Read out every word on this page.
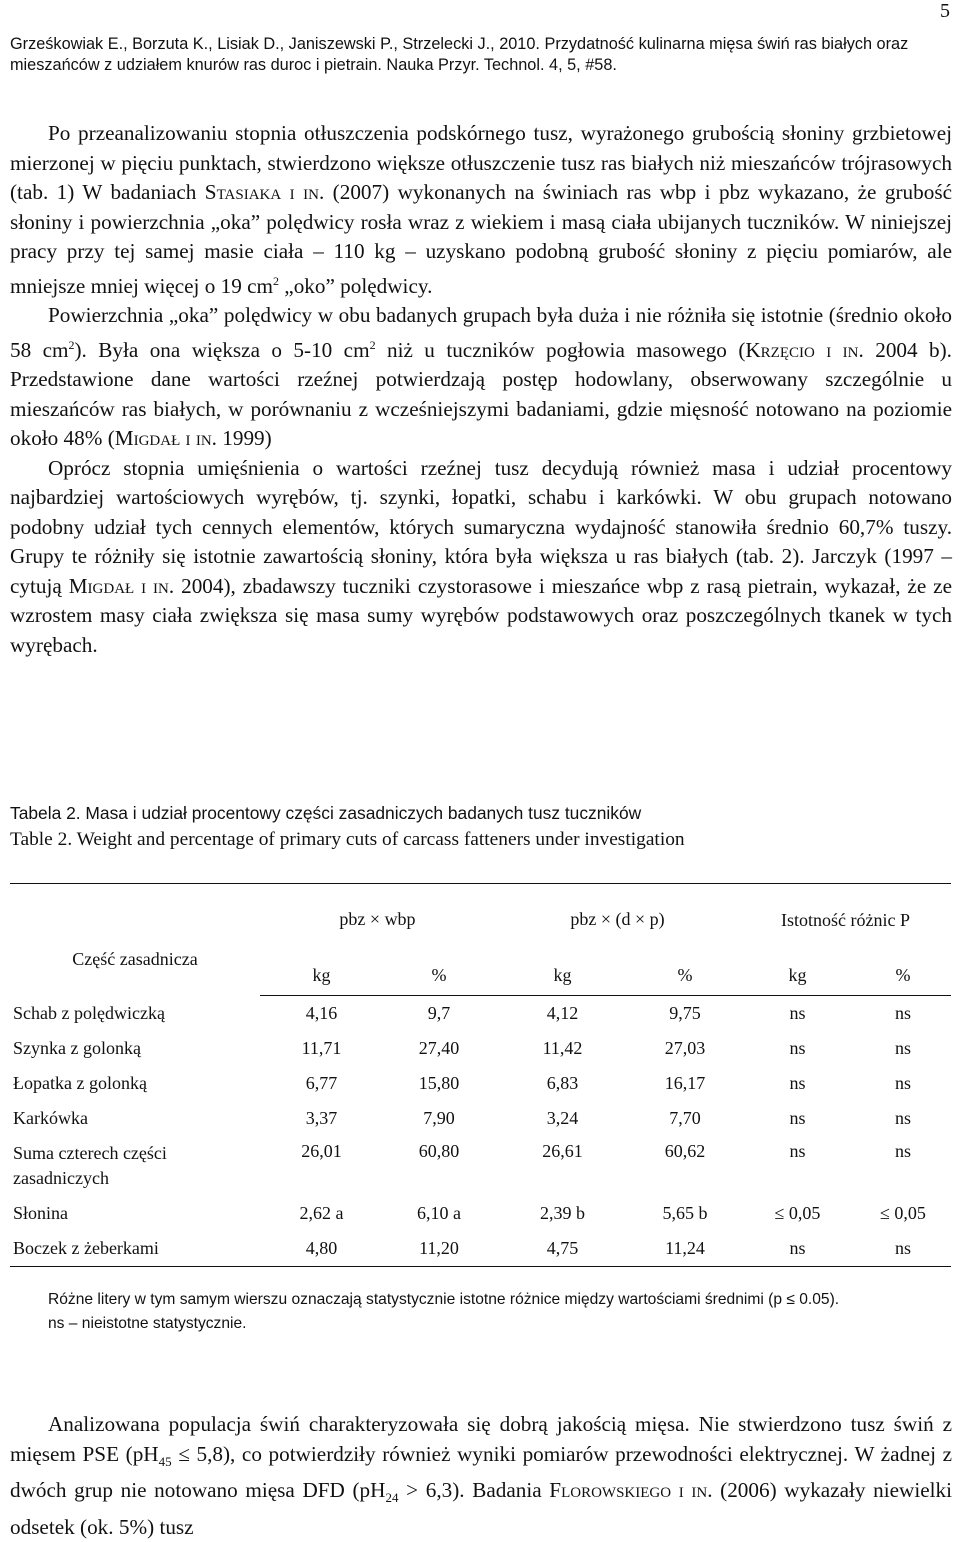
5
Grześkowiak E., Borzuta K., Lisiak D., Janiszewski P., Strzelecki J., 2010. Przydatność kulinarna mięsa świń ras białych oraz mieszańców z udziałem knurów ras duroc i pietrain. Nauka Przyr. Technol. 4, 5, #58.

Po przeanalizowaniu stopnia otłuszczenia podskórnego tusz, wyrażonego grubością słoniny grzbietowej mierzonej w pięciu punktach, stwierdzono większe otłuszczenie tusz ras białych niż mieszańców trójrasowych (tab. 1) W badaniach Stasiaka i in. (2007) wykonanych na świniach ras wbp i pbz wykazano, że grubość słoniny i powierzchnia „oka” polędwicy rosła wraz z wiekiem i masą ciała ubijanych tuczników. W niniejszej pracy przy tej samej masie ciała – 110 kg – uzyskano podobną grubość słoniny z pięciu pomiarów, ale mniejsze mniej więcej o 19 $cm^2$ „oko” polędwicy.

Powierzchnia „oka” polędwicy w obu badanych grupach była duża i nie różniła się istotnie (średnio około 58 $cm^2$). Była ona większa o 5-10 $cm^2$ niż u tuczników pogłowia masowego (Krzęcio i in. 2004 b). Przedstawione dane wartości rzeźnej potwierdzają postęp hodowlany, obserwowany szczególnie u mieszańców ras białych, w porównaniu z wcześniejszymi badaniami, gdzie mięsność notowano na poziomie około 48% (Migdał i in. 1999)

Oprócz stopnia umięśnienia o wartości rzeźnej tusz decydują również masa i udział procentowy najbardziej wartościowych wyrębów, tj. szynki, łopatki, schabu i karkówki. W obu grupach notowano podobny udział tych cennych elementów, których sumaryczna wydajność stanowiła średnio 60,7% tuszy. Grupy te różniły się istotnie zawartością słoniny, która była większa u ras białych (tab. 2). Jarczyk (1997 – cytują Migdał i in. 2004), zbadawszy tuczniki czystorasowe i mieszańce wbp z rasą pietrain, wykazał, że ze wzrostem masy ciała zwiększa się masa sumy wyrębów podstawowych oraz poszczególnych tkanek w tych wyrębach.

Tabela 2. Masa i udział procentowy części zasadniczych badanych tusz tuczników
Table 2. Weight and percentage of primary cuts of carcass fatteners under investigation
Część zasadnicza	pbz × wbp		pbz × (d × p)		Istotność różnic P	
	kg	%	kg	%	kg	%
Schab z polędwiczką	4,16	9,7	4,12	9,75	ns	ns
Szynka z golonką	11,71	27,40	11,42	27,03	ns	ns
Łopatka z golonką	6,77	15,80	6,83	16,17	ns	ns
Karkówka	3,37	7,90	3,24	7,70	ns	ns
Suma czterech części zasadniczych	26,01	60,80	26,61	60,62	ns	ns
Słonina	2,62 a	6,10 a	2,39 b	5,65 b	≤ 0,05	≤ 0,05
Boczek z żeberkami	4,80	11,20	4,75	11,24	ns	ns

Różne litery w tym samym wierszu oznaczają statystycznie istotne różnice między wartościami średnimi (p ≤ 0.05).

ns – nieistotne statystycznie.

Analizowana populacja świń charakteryzowała się dobrą jakością mięsa. Nie stwierdzono tusz świń z mięsem PSE $(pH_{45} \le 5,8)$, co potwierdziły również wyniki pomiarów przewodności elektrycznej. W żadnej z dwóch grup nie notowano mięsa DFD $(pH_{24} > 6,3)$. Badania Florowskiego i in. (2006) wykazały niewielki odsetek (ok. 5%) tusz
